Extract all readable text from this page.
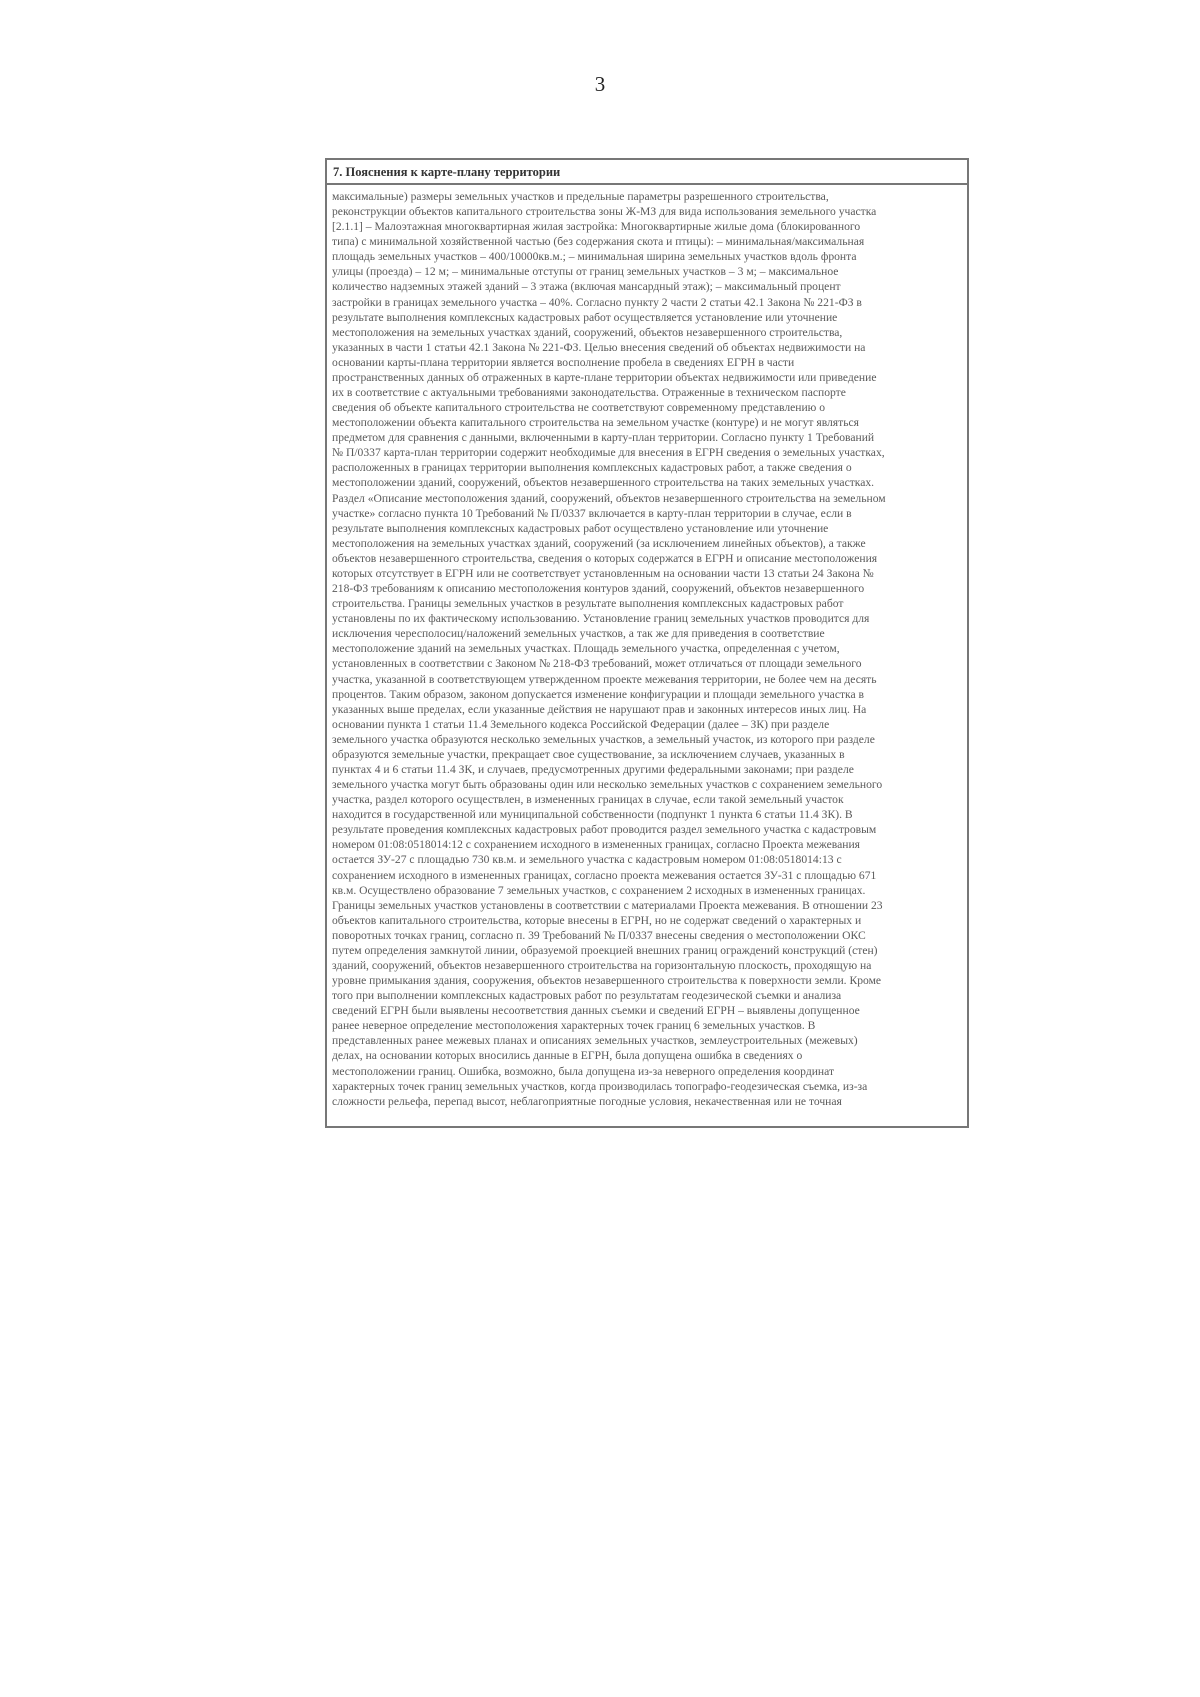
3
7. Пояснения к карте-плану территории
максимальные) размеры земельных участков и предельные параметры разрешенного строительства,
реконструкции объектов капитального строительства зоны Ж-МЗ для вида использования земельного участка
[2.1.1] – Малоэтажная многоквартирная жилая застройка: Многоквартирные жилые дома (блокированного
типа) с минимальной хозяйственной частью (без содержания скота и птицы): – минимальная/максимальная
площадь земельных участков – 400/10000кв.м.; – минимальная ширина земельных участков вдоль фронта
улицы (проезда) – 12 м; – минимальные отступы от границ земельных участков – 3 м; – максимальное
количество надземных этажей зданий – 3 этажа (включая мансардный этаж); – максимальный процент
застройки в границах земельного участка – 40%. Согласно пункту 2 части 2 статьи 42.1 Закона № 221-ФЗ в
результате выполнения комплексных кадастровых работ осуществляется установление или уточнение
местоположения на земельных участках зданий, сооружений, объектов незавершенного строительства,
указанных в части 1 статьи 42.1 Закона № 221-ФЗ. Целью внесения сведений об объектах недвижимости на
основании карты-плана территории является восполнение пробела в сведениях ЕГРН в части
пространственных данных об отраженных в карте-плане территории объектах недвижимости или приведение
их в соответствие с актуальными требованиями законодательства. Отраженные в техническом паспорте
сведения об объекте капитального строительства не соответствуют современному представлению о
местоположении объекта капитального строительства на земельном участке (контуре) и не могут являться
предметом для сравнения с данными, включенными в карту-план территории. Согласно пункту 1 Требований
№ П/0337 карта-план территории содержит необходимые для внесения в ЕГРН сведения о земельных участках,
расположенных в границах территории выполнения комплексных кадастровых работ, а также сведения о
местоположении зданий, сооружений, объектов незавершенного строительства на таких земельных участках.
Раздел «Описание местоположения зданий, сооружений, объектов незавершенного строительства на земельном
участке» согласно пункта 10 Требований № П/0337 включается в карту-план территории в случае, если в
результате выполнения комплексных кадастровых работ осуществлено установление или уточнение
местоположения на земельных участках зданий, сооружений (за исключением линейных объектов), а также
объектов незавершенного строительства, сведения о которых содержатся в ЕГРН и описание местоположения
которых отсутствует в ЕГРН или не соответствует установленным на основании части 13 статьи 24 Закона №
218-ФЗ требованиям к описанию местоположения контуров зданий, сооружений, объектов незавершенного
строительства. Границы земельных участков в результате выполнения комплексных кадастровых работ
установлены по их фактическому использованию. Установление границ земельных участков проводится для
исключения чересполосиц/наложений земельных участков, а так же для приведения в соответствие
местоположение зданий на земельных участках. Площадь земельного участка, определенная с учетом,
установленных в соответствии с Законом № 218-ФЗ требований, может отличаться от площади земельного
участка, указанной в соответствующем утвержденном проекте межевания территории, не более чем на десять
процентов. Таким образом, законом допускается изменение конфигурации и площади земельного участка в
указанных выше пределах, если указанные действия не нарушают прав и законных интересов иных лиц. На
основании пункта 1 статьи 11.4 Земельного кодекса Российской Федерации (далее – ЗК) при разделе
земельного участка образуются несколько земельных участков, а земельный участок, из которого при разделе
образуются земельные участки, прекращает свое существование, за исключением случаев, указанных в
пунктах 4 и 6 статьи 11.4 ЗК, и случаев, предусмотренных другими федеральными законами; при разделе
земельного участка могут быть образованы один или несколько земельных участков с сохранением земельного
участка, раздел которого осуществлен, в измененных границах в случае, если такой земельный участок
находится в государственной или муниципальной собственности (подпункт 1 пункта 6 статьи 11.4 ЗК). В
результате проведения комплексных кадастровых работ проводится раздел земельного участка с кадастровым
номером 01:08:0518014:12 с сохранением исходного в измененных границах, согласно Проекта межевания
остается ЗУ-27 с площадью 730 кв.м. и земельного участка с кадастровым номером 01:08:0518014:13 с
сохранением исходного в измененных границах, согласно проекта межевания остается ЗУ-31 с площадью 671
кв.м. Осуществлено образование 7 земельных участков, с сохранением 2 исходных в измененных границах.
Границы земельных участков установлены в соответствии с материалами Проекта межевания. В отношении 23
объектов капитального строительства, которые внесены в ЕГРН, но не содержат сведений о характерных и
поворотных точках границ, согласно п. 39 Требований № П/0337 внесены сведения о местоположении ОКС
путем определения замкнутой линии, образуемой проекцией внешних границ ограждений конструкций (стен)
зданий, сооружений, объектов незавершенного строительства на горизонтальную плоскость, проходящую на
уровне примыкания здания, сооружения, объектов незавершенного строительства к поверхности земли. Кроме
того при выполнении комплексных кадастровых работ по результатам геодезической съемки и анализа
сведений ЕГРН были выявлены несоответствия данных съемки и сведений ЕГРН – выявлены допущенное
ранее неверное определение местоположения характерных точек границ 6 земельных участков. В
представленных ранее межевых планах и описаниях земельных участков, землеустроительных (межевых)
делах, на основании которых вносились данные в ЕГРН, была допущена ошибка в сведениях о
местоположении границ. Ошибка, возможно, была допущена из-за неверного определения координат
характерных точек границ земельных участков, когда производилась топографо-геодезическая съемка, из-за
сложности рельефа, перепад высот, неблагоприятные погодные условия, некачественная или не точная
